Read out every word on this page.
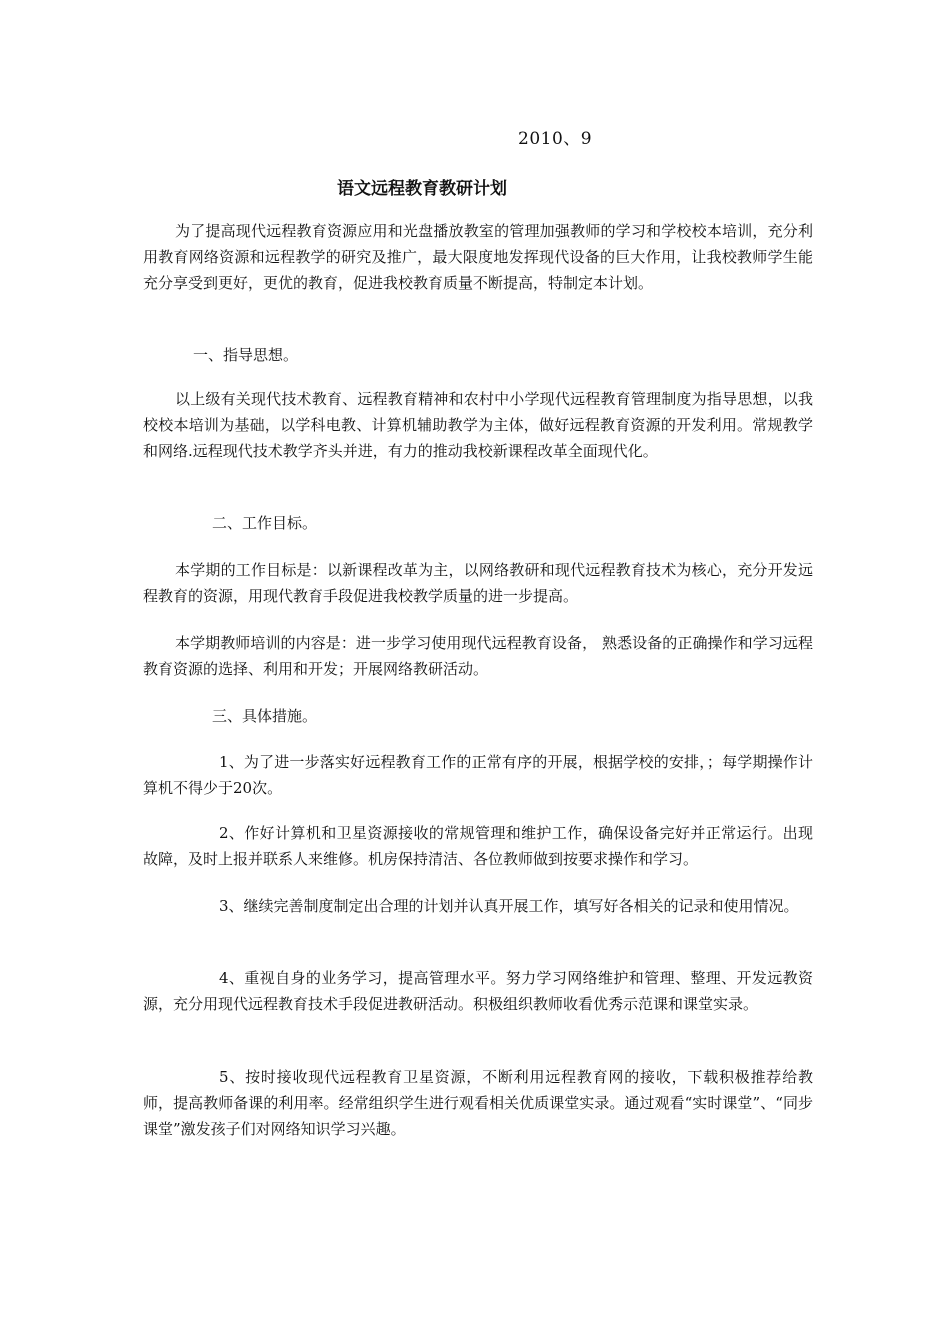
2010、9
语文远程教育教研计划

为了提高现代远程教育资源应用和光盘播放教室的管理加强教师的学习和学校校本培训，充分利用教育网络资源和远程教学的研究及推广，最大限度地发挥现代设备的巨大作用，让我校教师学生能充分享受到更好，更优的教育，促进我校教育质量不断提高，特制定本计划。

一、指导思想。

以上级有关现代技术教育、远程教育精神和农村中小学现代远程教育管理制度为指导思想，以我校校本培训为基础，以学科电教、计算机辅助教学为主体，做好远程教育资源的开发利用。常规教学和网络.远程现代技术教学齐头并进，有力的推动我校新课程改革全面现代化。

二、工作目标。

本学期的工作目标是：以新课程改革为主，以网络教研和现代远程教育技术为核心，充分开发远程教育的资源，用现代教育手段促进我校教学质量的进一步提高。

本学期教师培训的内容是：进一步学习使用现代远程教育设备， 熟悉设备的正确操作和学习远程教育资源的选择、利用和开发；开展网络教研活动。

三、具体措施。

1、为了进一步落实好远程教育工作的正常有序的开展，根据学校的安排，；每学期操作计算机不得少于20次。

2、作好计算机和卫星资源接收的常规管理和维护工作，确保设备完好并正常运行。出现故障，及时上报并联系人来维修。机房保持清洁、各位教师做到按要求操作和学习。

3、继续完善制度制定出合理的计划并认真开展工作，填写好各相关的记录和使用情况。

4、重视自身的业务学习，提高管理水平。努力学习网络维护和管理、整理、开发远教资源，充分用现代远程教育技术手段促进教研活动。积极组织教师收看优秀示范课和课堂实录。

5、按时接收现代远程教育卫星资源，不断利用远程教育网的接收，下载积极推荐给教师，提高教师备课的利用率。经常组织学生进行观看相关优质课堂实录。通过观看“实时课堂”、“同步课堂”激发孩子们对网络知识学习兴趣。
